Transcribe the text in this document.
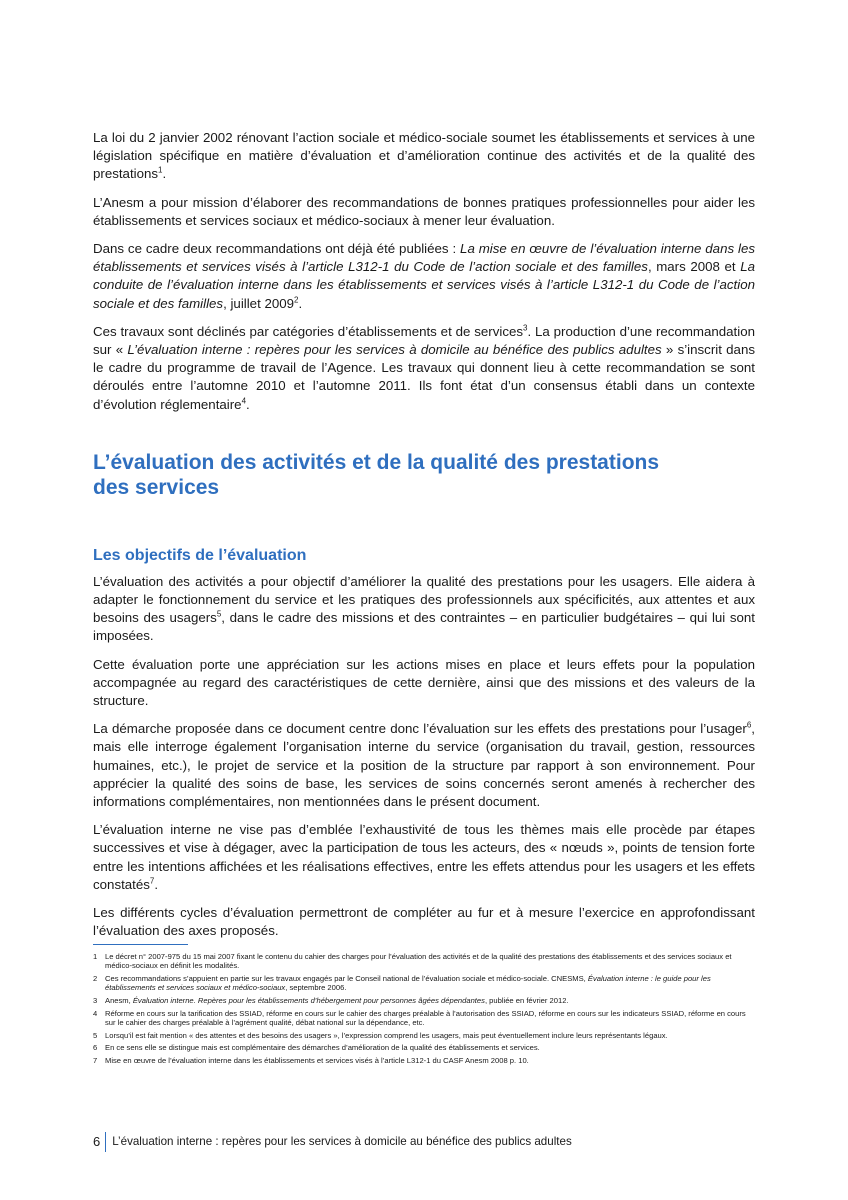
La loi du 2 janvier 2002 rénovant l’action sociale et médico-sociale soumet les établissements et services à une législation spécifique en matière d’évaluation et d’amélioration continue des activités et de la qualité des prestations$^1$.

L’Anesm a pour mission d’élaborer des recommandations de bonnes pratiques professionnelles pour aider les établissements et services sociaux et médico-sociaux à mener leur évaluation.

Dans ce cadre deux recommandations ont déjà été publiées : La mise en œuvre de l’évaluation interne dans les établissements et services visés à l’article L312-1 du Code de l’action sociale et des familles, mars 2008 et La conduite de l’évaluation interne dans les établissements et services visés à l’article L312-1 du Code de l’action sociale et des familles, juillet 2009$^2$.

Ces travaux sont déclinés par catégories d’établissements et de services$^3$. La production d’une recommandation sur « L’évaluation interne : repères pour les services à domicile au bénéfice des publics adultes » s’inscrit dans le cadre du programme de travail de l’Agence. Les travaux qui donnent lieu à cette recommandation se sont déroulés entre l’automne 2010 et l’automne 2011. Ils font état d’un consensus établi dans un contexte d’évolution réglementaire$^4$.

L’évaluation des activités et de la qualité des prestations
des services
Les objectifs de l’évaluation

L’évaluation des activités a pour objectif d’améliorer la qualité des prestations pour les usagers. Elle aidera à adapter le fonctionnement du service et les pratiques des professionnels aux spécificités, aux attentes et aux besoins des usagers$^5$, dans le cadre des missions et des contraintes – en particulier budgétaires – qui lui sont imposées.

Cette évaluation porte une appréciation sur les actions mises en place et leurs effets pour la population accompagnée au regard des caractéristiques de cette dernière, ainsi que des missions et des valeurs de la structure.

La démarche proposée dans ce document centre donc l’évaluation sur les effets des prestations pour l’usager$^6$, mais elle interroge également l’organisation interne du service (organisation du travail, gestion, ressources humaines, etc.), le projet de service et la position de la structure par rapport à son environnement. Pour apprécier la qualité des soins de base, les services de soins concernés seront amenés à rechercher des informations complémentaires, non mentionnées dans le présent document.

L’évaluation interne ne vise pas d’emblée l’exhaustivité de tous les thèmes mais elle procède par étapes successives et vise à dégager, avec la participation de tous les acteurs, des « nœuds », points de tension forte entre les intentions affichées et les réalisations effectives, entre les effets attendus pour les usagers et les effets constatés$^7$.

Les différents cycles d’évaluation permettront de compléter au fur et à mesure l’exercice en approfondissant l’évaluation des axes proposés.

1	Le décret n° 2007-975 du 15 mai 2007 fixant le contenu du cahier des charges pour l’évaluation des activités et de la qualité des prestations des établissements et des services sociaux et médico-sociaux en définit les modalités.
2	Ces recommandations s’appuient en partie sur les travaux engagés par le Conseil national de l’évaluation sociale et médico-sociale. CNESMS, Évaluation interne : le guide pour les établissements et services sociaux et médico-sociaux, septembre 2006.
3	Anesm, Évaluation interne. Repères pour les établissements d’hébergement pour personnes âgées dépendantes, publiée en février 2012.
4	Réforme en cours sur la tarification des SSIAD, réforme en cours sur le cahier des charges préalable à l’autorisation des SSIAD, réforme en cours sur les indicateurs SSIAD, réforme en cours sur le cahier des charges préalable à l’agrément qualité, débat national sur la dépendance, etc.
5	Lorsqu’il est fait mention « des attentes et des besoins des usagers », l’expression comprend les usagers, mais peut éventuellement inclure leurs représentants légaux.
6	En ce sens elle se distingue mais est complémentaire des démarches d’amélioration de la qualité des établissements et services.
7	Mise en œuvre de l’évaluation interne dans les établissements et services visés à l’article L312-1 du CASF Anesm 2008 p. 10.
6	L’évaluation interne : repères pour les services à domicile au bénéfice des publics adultes
